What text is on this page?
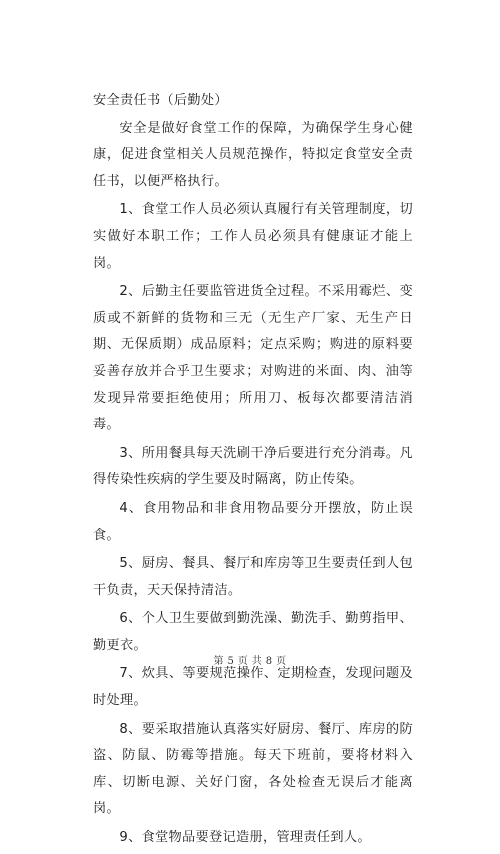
安全责任书（后勤处）

安全是做好食堂工作的保障，为确保学生身心健康，促进食堂相关人员规范操作，特拟定食堂安全责任书，以便严格执行。

1、食堂工作人员必须认真履行有关管理制度，切实做好本职工作；工作人员必须具有健康证才能上岗。

2、后勤主任要监管进货全过程。不采用霉烂、变质或不新鲜的货物和三无（无生产厂家、无生产日期、无保质期）成品原料；定点采购；购进的原料要妥善存放并合乎卫生要求；对购进的米面、肉、油等发现异常要拒绝使用；所用刀、板每次都要清洁消毒。

3、所用餐具每天洗刷干净后要进行充分消毒。凡得传染性疾病的学生要及时隔离，防止传染。

4、食用物品和非食用物品要分开摆放，防止误食。

5、厨房、餐具、餐厅和库房等卫生要责任到人包干负责，天天保持清洁。

6、个人卫生要做到勤洗澡、勤洗手、勤剪指甲、勤更衣。

7、炊具、等要规范操作、定期检查，发现问题及时处理。

8、要采取措施认真落实好厨房、餐厅、库房的防盗、防鼠、防霉等措施。每天下班前，要将材料入库、切断电源、关好门窗，各处检查无误后才能离岗。

9、食堂物品要登记造册，管理责任到人。

第 5 页 共 8 页
